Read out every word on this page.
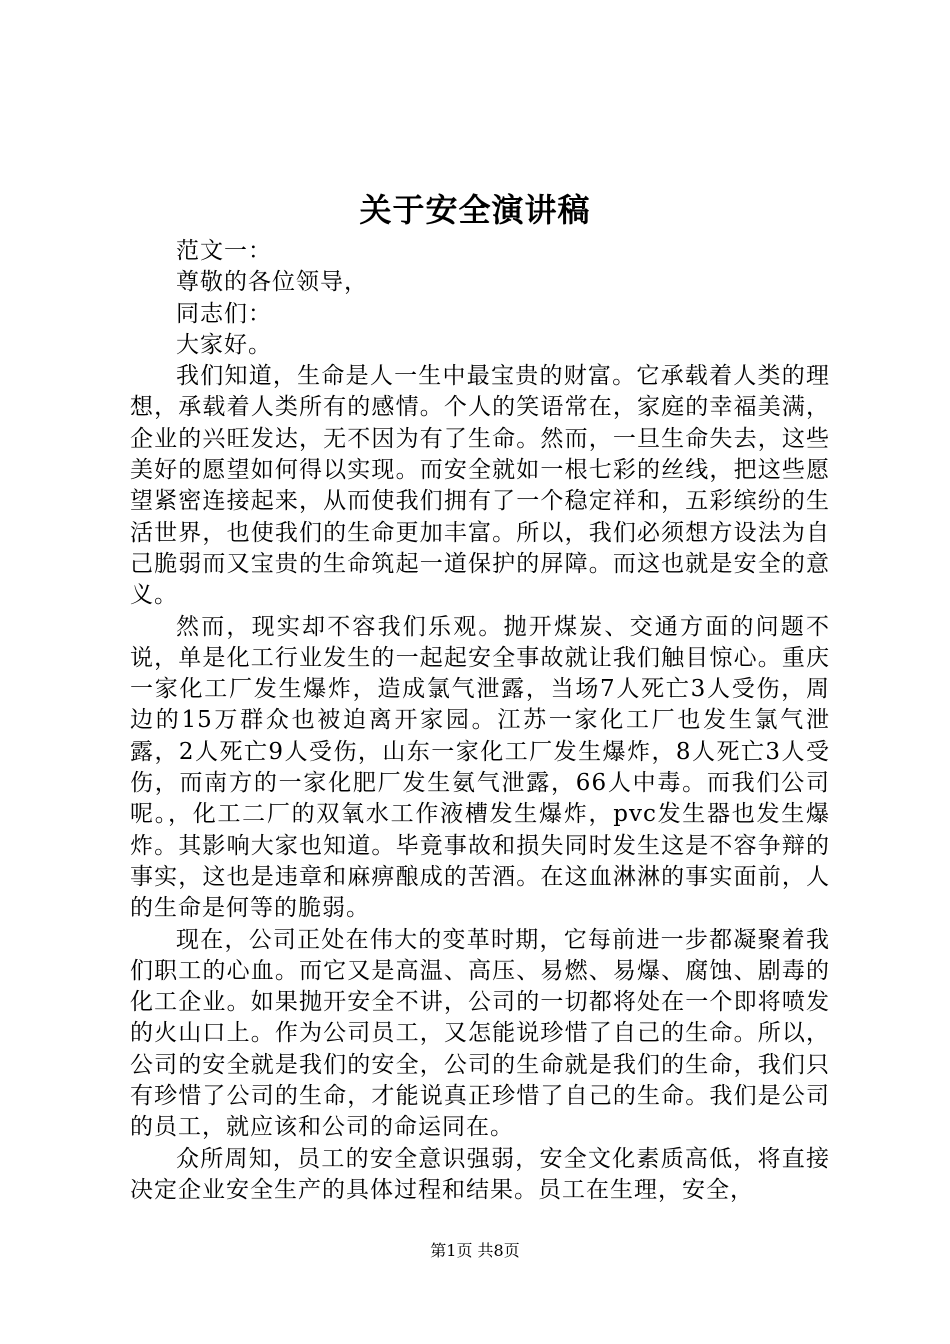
关于安全演讲稿

范文一：

尊敬的各位领导，

同志们：

大家好。

我们知道，生命是人一生中最宝贵的财富。它承载着人类的理想，承载着人类所有的感情。个人的笑语常在，家庭的幸福美满，企业的兴旺发达，无不因为有了生命。然而，一旦生命失去，这些美好的愿望如何得以实现。而安全就如一根七彩的丝线，把这些愿望紧密连接起来，从而使我们拥有了一个稳定祥和，五彩缤纷的生活世界，也使我们的生命更加丰富。所以，我们必须想方设法为自己脆弱而又宝贵的生命筑起一道保护的屏障。而这也就是安全的意义。

然而，现实却不容我们乐观。抛开煤炭、交通方面的问题不说，单是化工行业发生的一起起安全事故就让我们触目惊心。重庆一家化工厂发生爆炸，造成氯气泄露，当场7人死亡3人受伤，周边的15万群众也被迫离开家园。江苏一家化工厂也发生氯气泄露，2人死亡9人受伤，山东一家化工厂发生爆炸，8人死亡3人受伤，而南方的一家化肥厂发生氨气泄露，66人中毒。而我们公司呢。，化工二厂的双氧水工作液槽发生爆炸，pvc发生器也发生爆炸。其影响大家也知道。毕竟事故和损失同时发生这是不容争辩的事实，这也是违章和麻痹酿成的苦酒。在这血淋淋的事实面前，人的生命是何等的脆弱。

现在，公司正处在伟大的变革时期，它每前进一步都凝聚着我们职工的心血。而它又是高温、高压、易燃、易爆、腐蚀、剧毒的化工企业。如果抛开安全不讲，公司的一切都将处在一个即将喷发的火山口上。作为公司员工，又怎能说珍惜了自己的生命。所以，公司的安全就是我们的安全，公司的生命就是我们的生命，我们只有珍惜了公司的生命，才能说真正珍惜了自己的生命。我们是公司的员工，就应该和公司的命运同在。

众所周知，员工的安全意识强弱，安全文化素质高低，将直接决定企业安全生产的具体过程和结果。员工在生理，安全，

第1页 共8页
